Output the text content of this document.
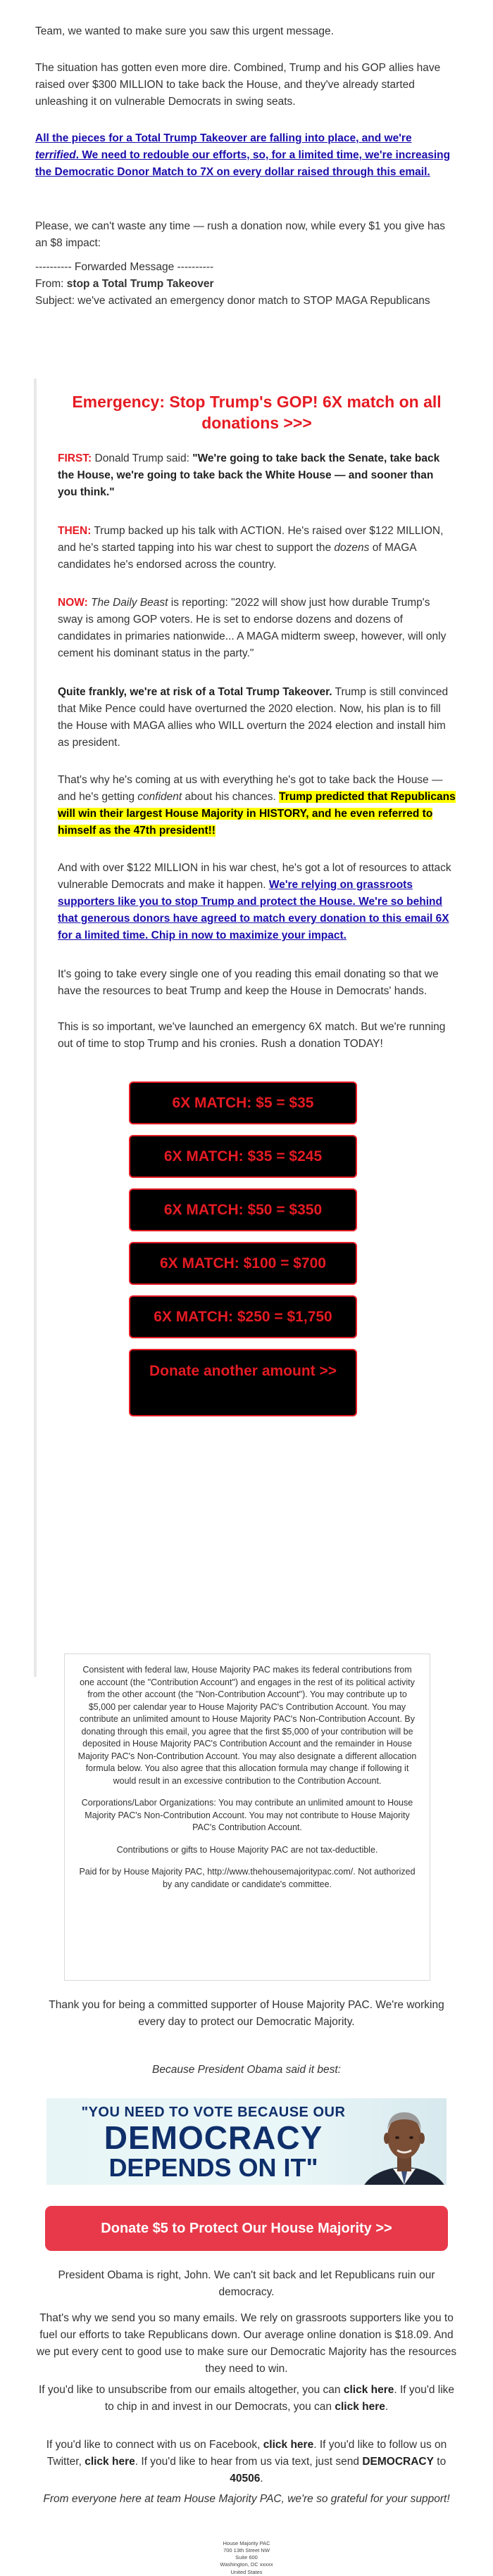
Team, we wanted to make sure you saw this urgent message.

The situation has gotten even more dire. Combined, Trump and his GOP allies have raised over $300 MILLION to take back the House, and they've already started unleashing it on vulnerable Democrats in swing seats.

All the pieces for a Total Trump Takeover are falling into place, and we're terrified. We need to redouble our efforts, so, for a limited time, we're increasing the Democratic Donor Match to 7X on every dollar raised through this email.

Please, we can't waste any time — rush a donation now, while every $1 you give has an $8 impact:

---------- Forwarded Message ----------

From: stop a Total Trump Takeover

Subject: we've activated an emergency donor match to STOP MAGA Republicans

Emergency: Stop Trump's GOP! 6X match on all donations >>>

FIRST: Donald Trump said: "We're going to take back the Senate, take back the House, we're going to take back the White House — and sooner than you think."

THEN: Trump backed up his talk with ACTION. He's raised over $122 MILLION, and he's started tapping into his war chest to support the dozens of MAGA candidates he's endorsed across the country.

NOW: The Daily Beast is reporting: "2022 will show just how durable Trump's sway is among GOP voters. He is set to endorse dozens and dozens of candidates in primaries nationwide... A MAGA midterm sweep, however, will only cement his dominant status in the party."

Quite frankly, we're at risk of a Total Trump Takeover. Trump is still convinced that Mike Pence could have overturned the 2020 election. Now, his plan is to fill the House with MAGA allies who WILL overturn the 2024 election and install him as president.

That's why he's coming at us with everything he's got to take back the House — and he's getting confident about his chances. Trump predicted that Republicans will win their largest House Majority in HISTORY, and he even referred to himself as the 47th president!!

And with over $122 MILLION in his war chest, he's got a lot of resources to attack vulnerable Democrats and make it happen. We're relying on grassroots supporters like you to stop Trump and protect the House. We're so behind that generous donors have agreed to match every donation to this email 6X for a limited time. Chip in now to maximize your impact.

It's going to take every single one of you reading this email donating so that we have the resources to beat Trump and keep the House in Democrats' hands.

This is so important, we've launched an emergency 6X match. But we're running out of time to stop Trump and his cronies. Rush a donation TODAY!

6X MATCH: $5 = $35
6X MATCH: $35 = $245
6X MATCH: $50 = $350
6X MATCH: $100 = $700
6X MATCH: $250 = $1,750
Donate another amount >>

Consistent with federal law, House Majority PAC makes its federal contributions from one account (the "Contribution Account") and engages in the rest of its political activity from the other account (the "Non-Contribution Account"). You may contribute up to $5,000 per calendar year to House Majority PAC's Contribution Account. You may contribute an unlimited amount to House Majority PAC's Non-Contribution Account. By donating through this email, you agree that the first $5,000 of your contribution will be deposited in House Majority PAC's Contribution Account and the remainder in House Majority PAC's Non-Contribution Account. You may also designate a different allocation formula below. You also agree that this allocation formula may change if following it would result in an excessive contribution to the Contribution Account.

Corporations/Labor Organizations: You may contribute an unlimited amount to House Majority PAC's Non-Contribution Account. You may not contribute to House Majority PAC's Contribution Account.

Contributions or gifts to House Majority PAC are not tax-deductible.

Paid for by House Majority PAC, http://www.thehousemajoritypac.com/. Not authorized by any candidate or candidate's committee.

Thank you for being a committed supporter of House Majority PAC. We're working every day to protect our Democratic Majority.

Because President Obama said it best:

"YOU NEED TO VOTE BECAUSE OUR
DEMOCRACY
DEPENDS ON IT"
Donate $5 to Protect Our House Majority >>

President Obama is right, John. We can't sit back and let Republicans ruin our democracy.

That's why we send you so many emails. We rely on grassroots supporters like you to fuel our efforts to take Republicans down. Our average online donation is $18.09. And we put every cent to good use to make sure our Democratic Majority has the resources they need to win.

If you'd like to unsubscribe from our emails altogether, you can click here. If you'd like to chip in and invest in our Democrats, you can click here.

If you'd like to connect with us on Facebook, click here. If you'd like to follow us on Twitter, click here. If you'd like to hear from us via text, just send DEMOCRACY to 40506.

From everyone here at team House Majority PAC, we're so grateful for your support!

House Majority PAC
700 13th Street NW
Suite 600
Washington, DC xxxxx
United States
